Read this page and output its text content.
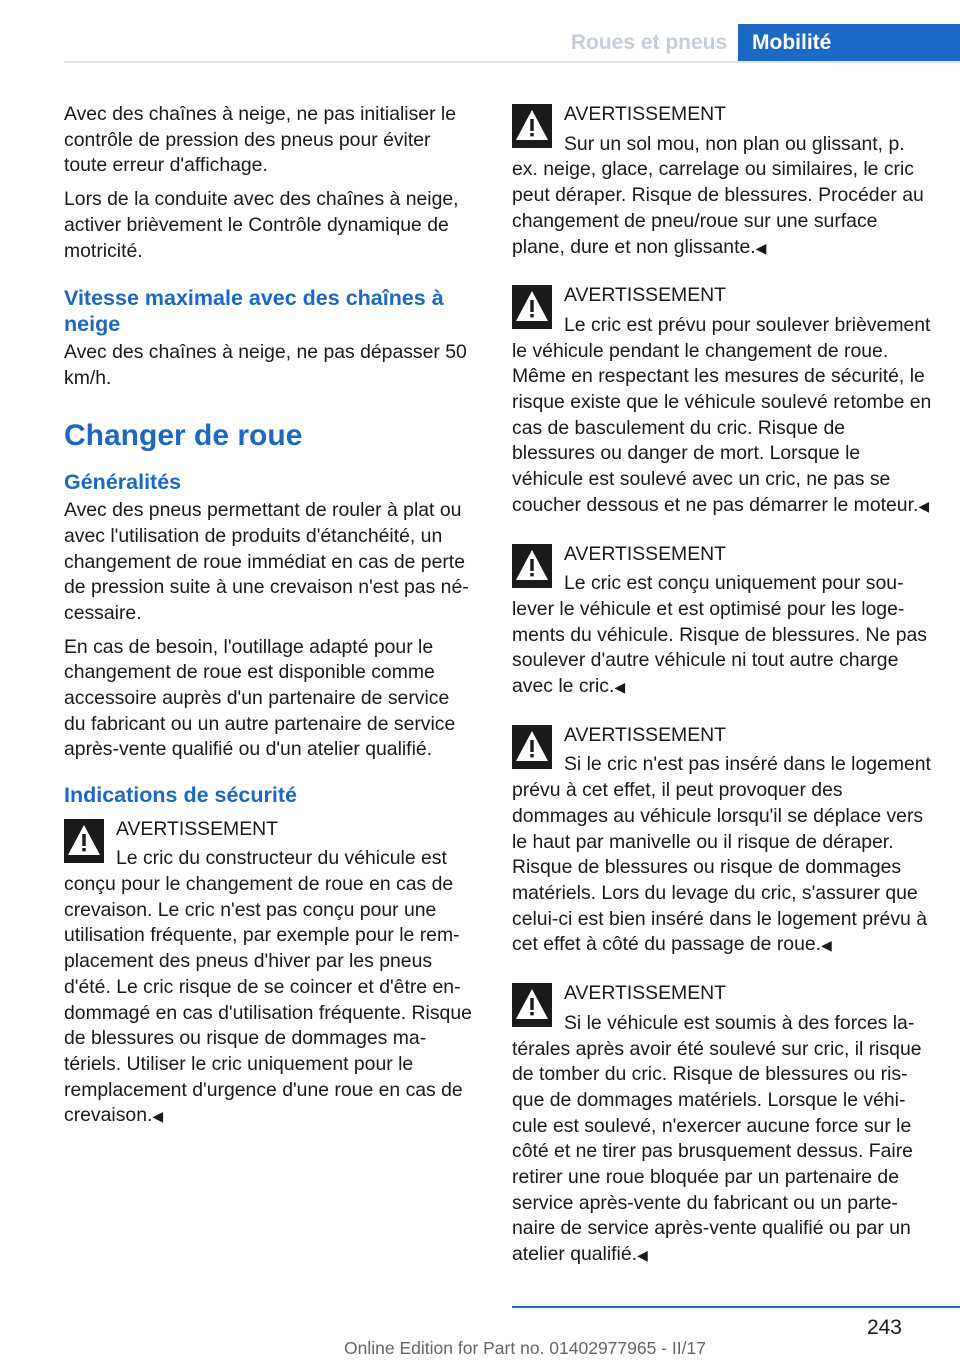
Roues et pneus	Mobilité

Avec des chaînes à neige, ne pas initialiser le contrôle de pression des pneus pour éviter toute erreur d'affichage.

Lors de la conduite avec des chaînes à neige, activer brièvement le Contrôle dynamique de motricité.

Vitesse maximale avec des chaînes à neige

Avec des chaînes à neige, ne pas dépasser 50 km/h.

Changer de roue
Généralités

Avec des pneus permettant de rouler à plat ou avec l'utilisation de produits d'étanchéité, un changement de roue immédiat en cas de perte de pression suite à une crevaison n'est pas nécessaire.

En cas de besoin, l'outillage adapté pour le changement de roue est disponible comme accessoire auprès d'un partenaire de service du fabricant ou un autre partenaire de service après-vente qualifié ou d'un atelier qualifié.

Indications de sécurité
AVERTISSEMENT
Le cric du constructeur du véhicule est conçu pour le changement de roue en cas de crevaison. Le cric n'est pas conçu pour une utilisation fréquente, par exemple pour le remplacement des pneus d'hiver par les pneus d'été. Le cric risque de se coincer et d'être endommagé en cas d'utilisation fréquente. Risque de blessures ou risque de dommages matériels. Utiliser le cric uniquement pour le remplacement d'urgence d'une roue en cas de crevaison.◀
AVERTISSEMENT
Sur un sol mou, non plan ou glissant, p. ex. neige, glace, carrelage ou similaires, le cric peut déraper. Risque de blessures. Procéder au changement de pneu/roue sur une surface plane, dure et non glissante.◀
AVERTISSEMENT
Le cric est prévu pour soulever brièvement le véhicule pendant le changement de roue. Même en respectant les mesures de sécurité, le risque existe que le véhicule soulevé retombe en cas de basculement du cric. Risque de blessures ou danger de mort. Lorsque le véhicule est soulevé avec un cric, ne pas se coucher dessous et ne pas démarrer le moteur.◀
AVERTISSEMENT
Le cric est conçu uniquement pour soulever le véhicule et est optimisé pour les logements du véhicule. Risque de blessures. Ne pas soulever d'autre véhicule ni tout autre charge avec le cric.◀
AVERTISSEMENT
Si le cric n'est pas inséré dans le logement prévu à cet effet, il peut provoquer des dommages au véhicule lorsqu'il se déplace vers le haut par manivelle ou il risque de déraper. Risque de blessures ou risque de dommages matériels. Lors du levage du cric, s'assurer que celui-ci est bien inséré dans le logement prévu à cet effet à côté du passage de roue.◀
AVERTISSEMENT
Si le véhicule est soumis à des forces latérales après avoir été soulevé sur cric, il risque de tomber du cric. Risque de blessures ou risque de dommages matériels. Lorsque le véhicule est soulevé, n'exercer aucune force sur le côté et ne tirer pas brusquement dessus. Faire retirer une roue bloquée par un partenaire de service après-vente du fabricant ou un partenaire de service après-vente qualifié ou par un atelier qualifié.◀
243
Online Edition for Part no. 01402977965 - II/17
